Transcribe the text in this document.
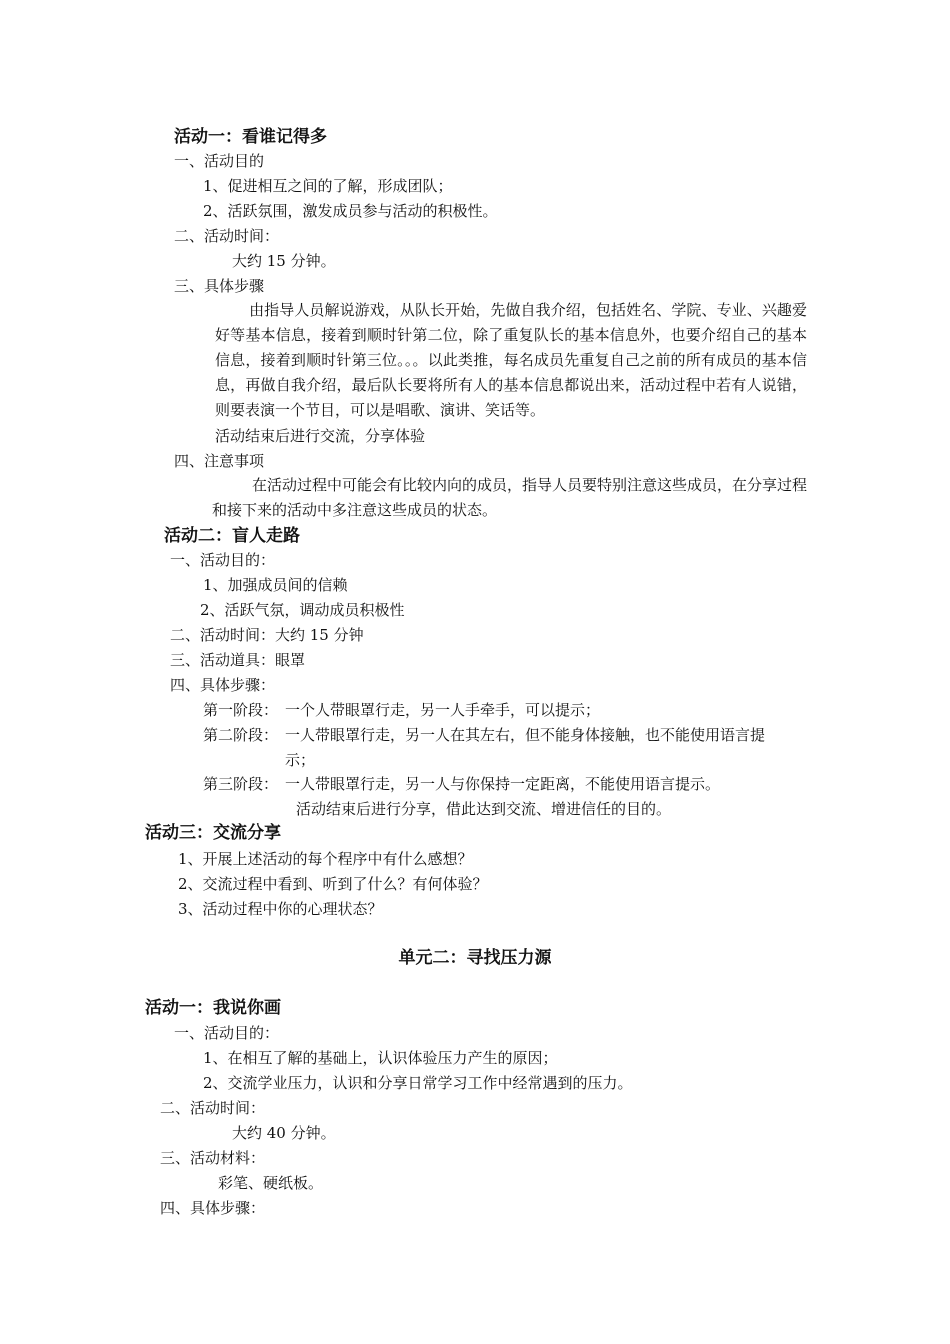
活动一：看谁记得多
一、活动目的
1、促进相互之间的了解，形成团队；
2、活跃氛围，激发成员参与活动的积极性。
二、活动时间：
大约 15 分钟。
三、具体步骤
由指导人员解说游戏，从队长开始，先做自我介绍，包括姓名、学院、专业、兴趣爱好等基本信息，接着到顺时针第二位，除了重复队长的基本信息外，也要介绍自己的基本信息，接着到顺时针第三位。。。以此类推，每名成员先重复自己之前的所有成员的基本信息，再做自我介绍，最后队长要将所有人的基本信息都说出来，活动过程中若有人说错，则要表演一个节目，可以是唱歌、演讲、笑话等。
活动结束后进行交流，分享体验
四、注意事项
在活动过程中可能会有比较内向的成员，指导人员要特别注意这些成员，在分享过程和接下来的活动中多注意这些成员的状态。
活动二：盲人走路
一、活动目的：
1、加强成员间的信赖
2、活跃气氛，调动成员积极性
二、活动时间：大约 15 分钟
三、活动道具：眼罩
四、具体步骤：
第一阶段： 一个人带眼罩行走，另一人手牵手，可以提示；
第二阶段： 一人带眼罩行走，另一人在其左右，但不能身体接触，也不能使用语言提
示；
第三阶段： 一人带眼罩行走，另一人与你保持一定距离，不能使用语言提示。
活动结束后进行分享，借此达到交流、增进信任的目的。
活动三：交流分享
1、开展上述活动的每个程序中有什么感想？
2、交流过程中看到、听到了什么？有何体验？
3、活动过程中你的心理状态？
单元二：寻找压力源
活动一：我说你画
一、活动目的：
1、在相互了解的基础上，认识体验压力产生的原因；
2、交流学业压力，认识和分享日常学习工作中经常遇到的压力。
二、活动时间：
大约 40 分钟。
三、活动材料：
彩笔、硬纸板。
四、具体步骤：
